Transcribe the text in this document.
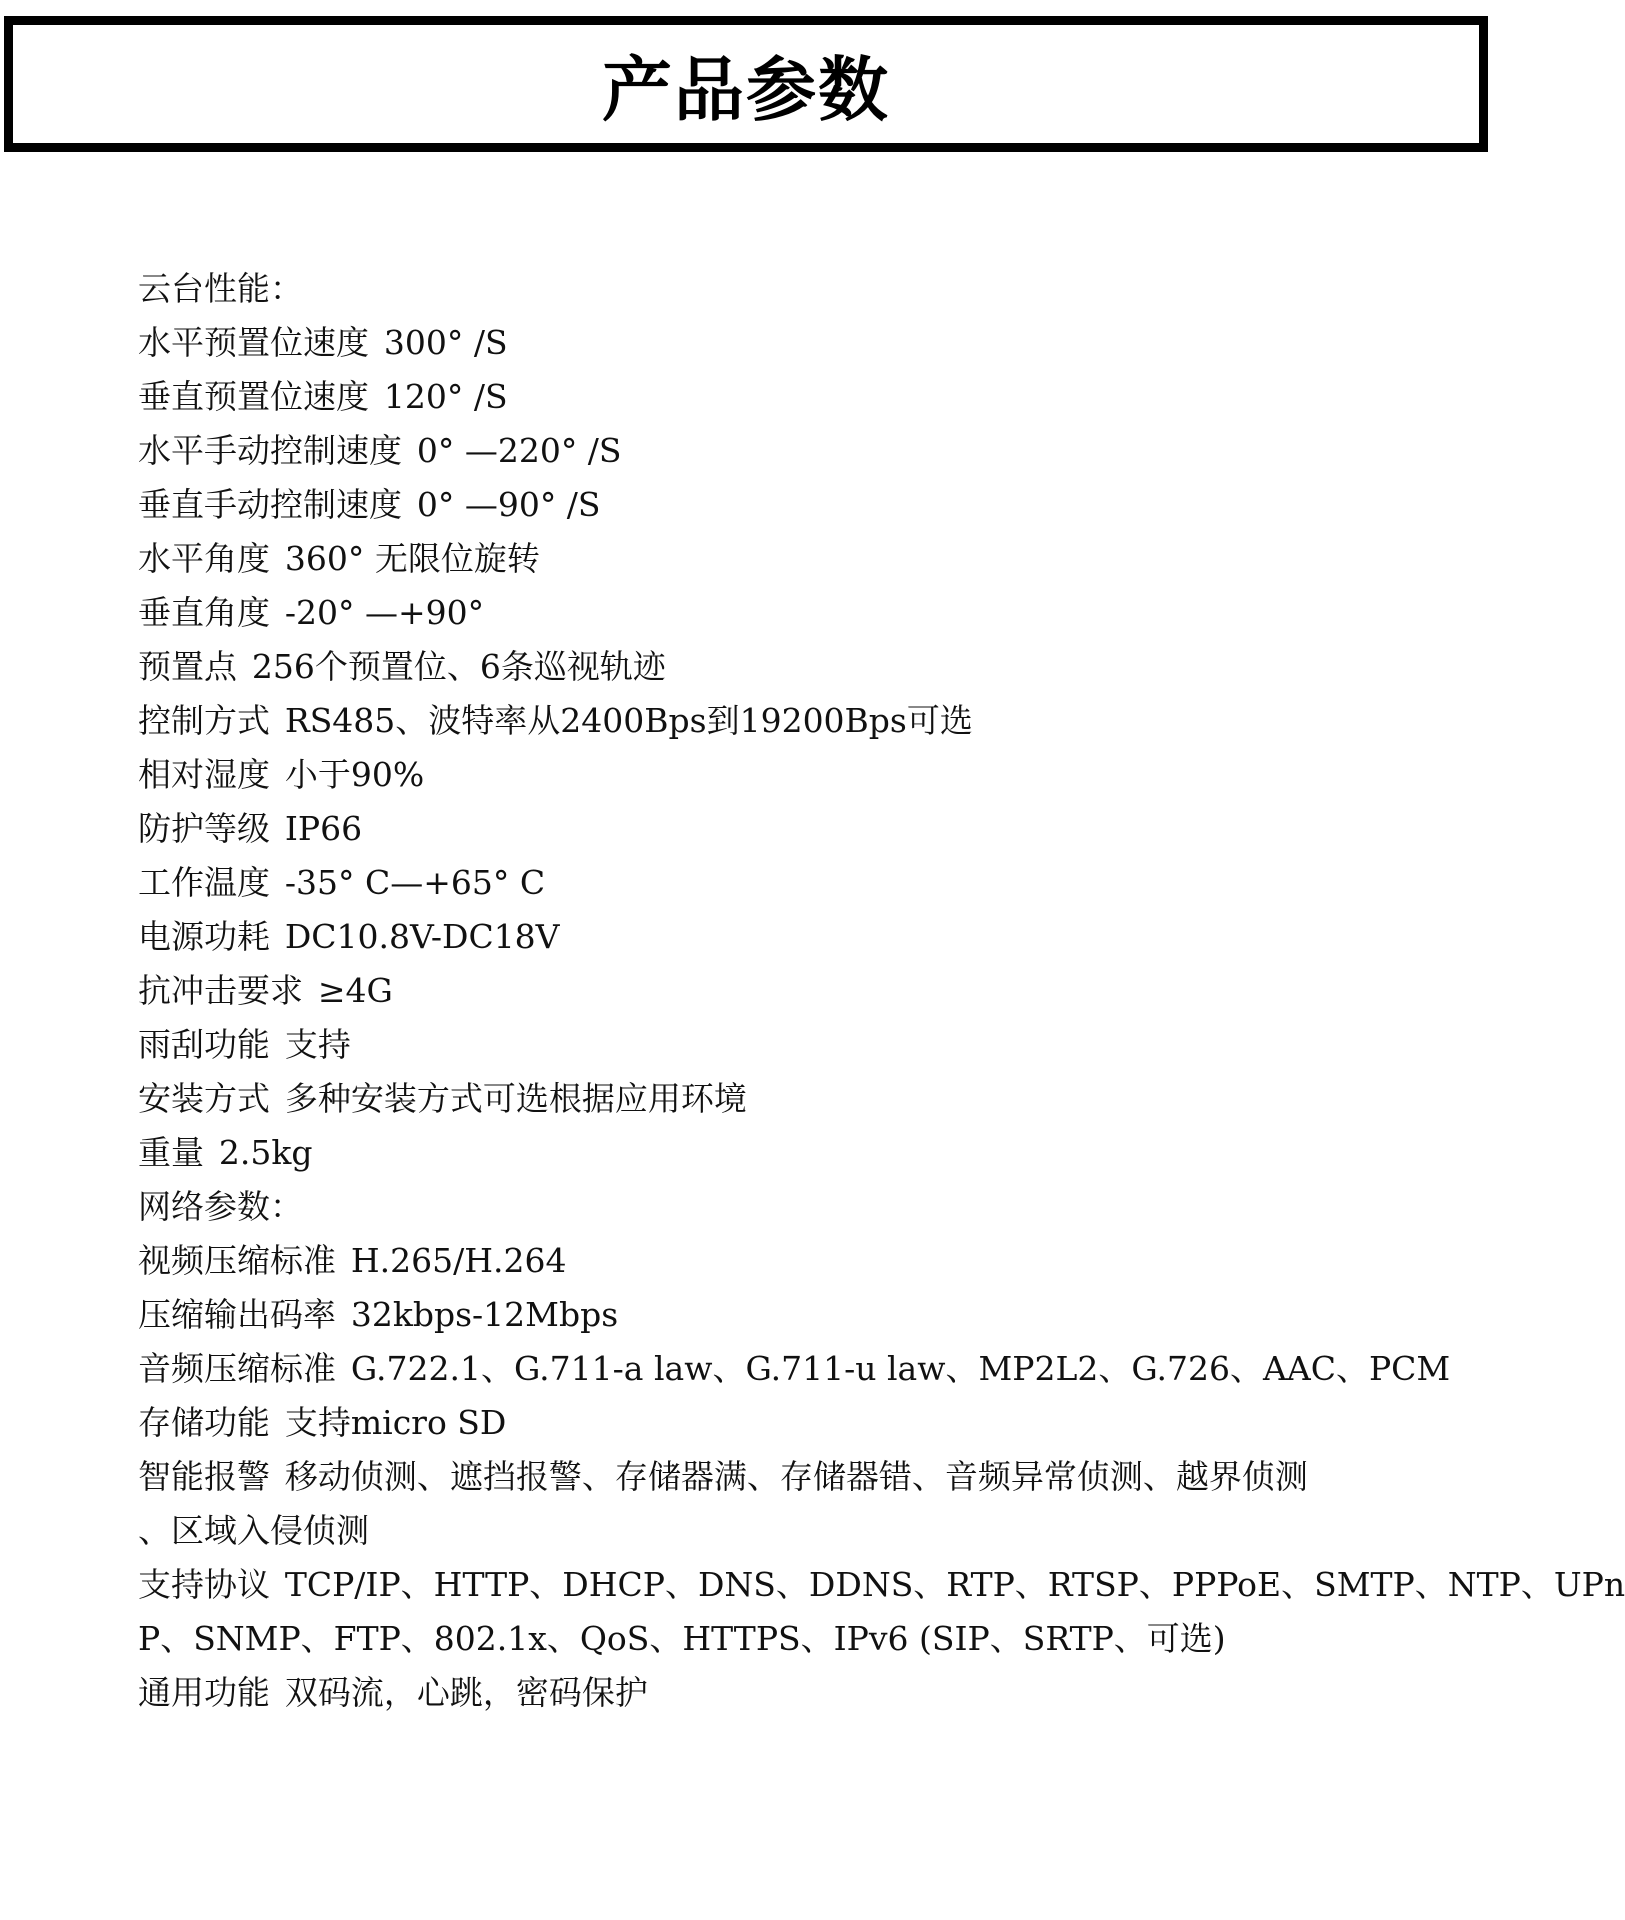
产品参数
云台性能：
水平预置位速度 300° /S
垂直预置位速度 120° /S
水平手动控制速度 0° —220° /S
垂直手动控制速度 0° —90° /S
水平角度 360° 无限位旋转
垂直角度 -20° —+90°
预置点 256个预置位、6条巡视轨迹
控制方式 RS485、波特率从2400Bps到19200Bps可选
相对湿度 小于90%
防护等级 IP66
工作温度 -35° C—+65° C
电源功耗 DC10.8V-DC18V
抗冲击要求 ≥4G
雨刮功能 支持
安装方式 多种安装方式可选根据应用环境
重量 2.5kg
网络参数：
视频压缩标准 H.265/H.264
压缩输出码率 32kbps-12Mbps
音频压缩标准 G.722.1、G.711-a law、G.711-u law、MP2L2、G.726、AAC、PCM
存储功能 支持micro SD
智能报警 移动侦测、遮挡报警、存储器满、存储器错、音频异常侦测、越界侦测
、区域入侵侦测
支持协议 TCP/IP、HTTP、DHCP、DNS、DDNS、RTP、RTSP、PPPoE、SMTP、NTP、UPn
P、SNMP、FTP、802.1x、QoS、HTTPS、IPv6 (SIP、SRTP、可选)
通用功能 双码流，心跳，密码保护
